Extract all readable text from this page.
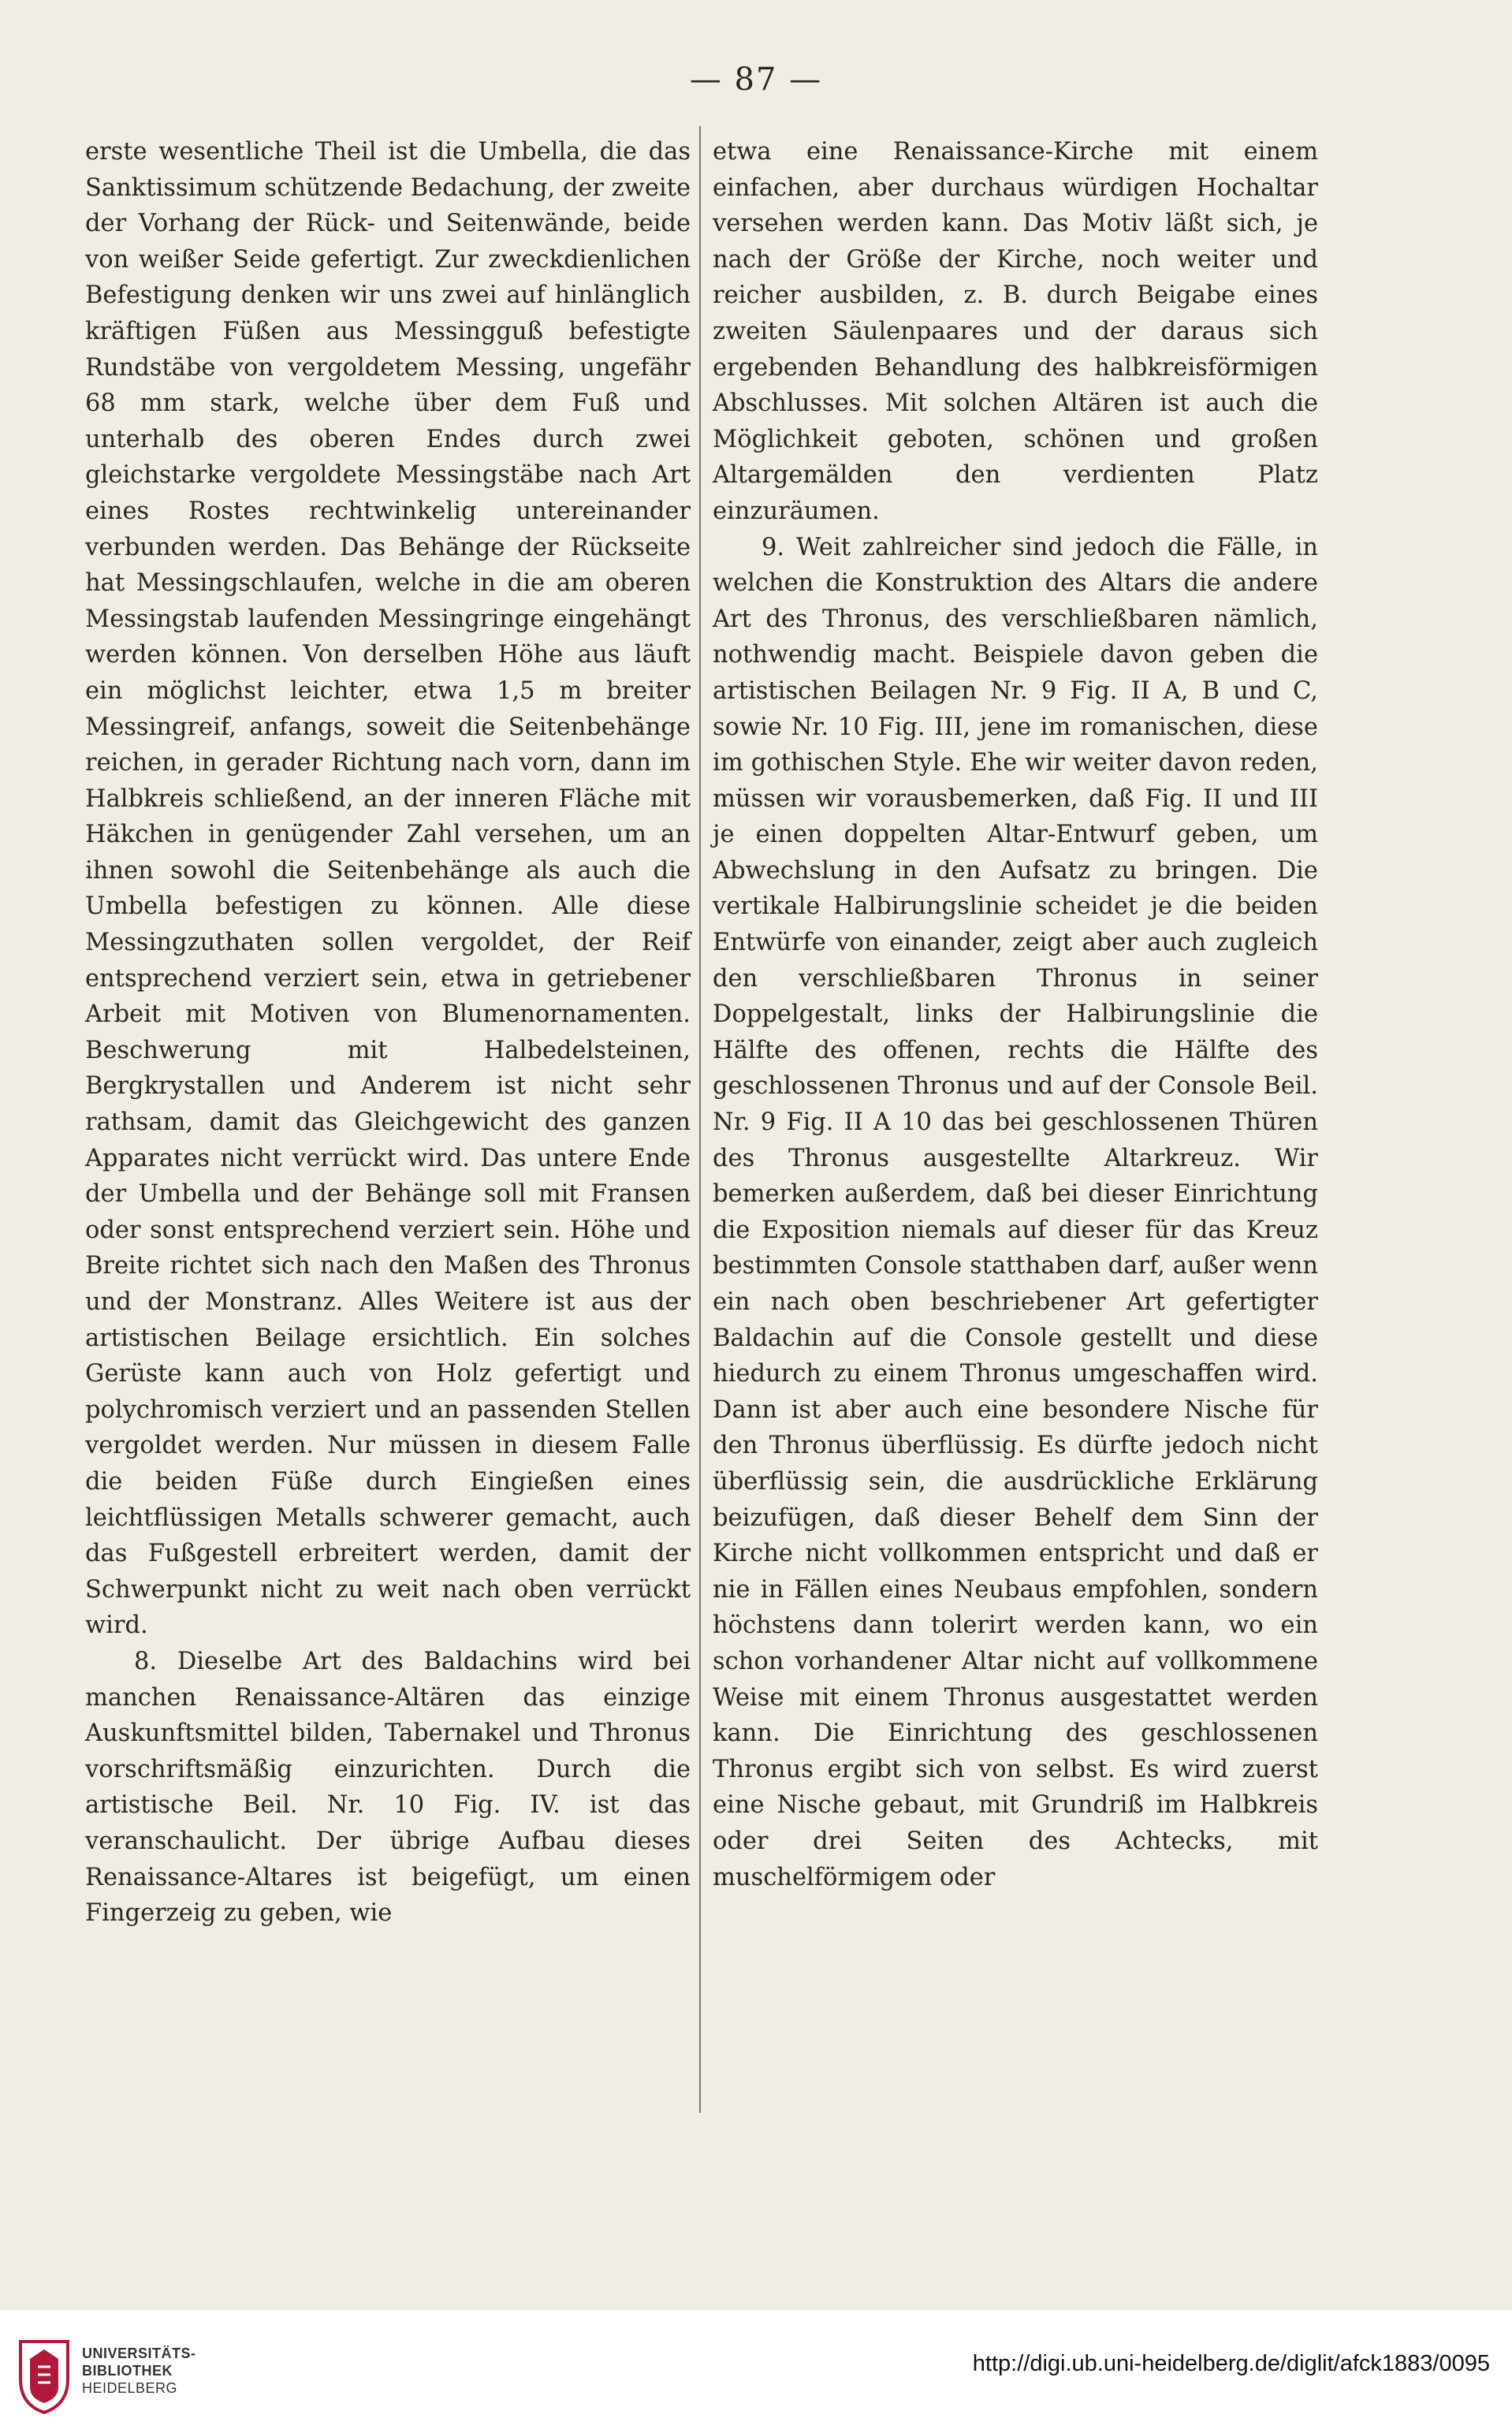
— 87 —

erste wesentliche Theil ist die Umbella, die das Sanktissimum schützende Bedachung, der zweite der Vorhang der Rück- und Seitenwände, beide von weißer Seide gefertigt. Zur zweckdienlichen Befestigung denken wir uns zwei auf hinlänglich kräftigen Füßen aus Messingguß befestigte Rundstäbe von vergoldetem Messing, ungefähr 68 mm stark, welche über dem Fuß und unterhalb des oberen Endes durch zwei gleichstarke vergoldete Messingstäbe nach Art eines Rostes rechtwinkelig untereinander verbunden werden. Das Behänge der Rückseite hat Messingschlaufen, welche in die am oberen Messingstab laufenden Messingringe eingehängt werden können. Von derselben Höhe aus läuft ein möglichst leichter, etwa 1,5 m breiter Messingreif, anfangs, soweit die Seitenbehänge reichen, in gerader Richtung nach vorn, dann im Halbkreis schließend, an der inneren Fläche mit Häkchen in genügender Zahl versehen, um an ihnen sowohl die Seitenbehänge als auch die Umbella befestigen zu können. Alle diese Messingzuthaten sollen vergoldet, der Reif entsprechend verziert sein, etwa in getriebener Arbeit mit Motiven von Blumenornamenten. Beschwerung mit Halbedelsteinen, Bergkrystallen und Anderem ist nicht sehr rathsam, damit das Gleichgewicht des ganzen Apparates nicht verrückt wird. Das untere Ende der Umbella und der Behänge soll mit Fransen oder sonst entsprechend verziert sein. Höhe und Breite richtet sich nach den Maßen des Thronus und der Monstranz. Alles Weitere ist aus der artistischen Beilage ersichtlich. Ein solches Gerüste kann auch von Holz gefertigt und polychromisch verziert und an passenden Stellen vergoldet werden. Nur müssen in diesem Falle die beiden Füße durch Eingießen eines leichtflüssigen Metalls schwerer gemacht, auch das Fußgestell erbreitert werden, damit der Schwerpunkt nicht zu weit nach oben verrückt wird.

8. Dieselbe Art des Baldachins wird bei manchen Renaissance-Altären das einzige Auskunftsmittel bilden, Tabernakel und Thronus vorschriftsmäßig einzurichten. Durch die artistische Beil. Nr. 10 Fig. IV. ist das veranschaulicht. Der übrige Aufbau dieses Renaissance-Altares ist beigefügt, um einen Fingerzeig zu geben, wie

etwa eine Renaissance-Kirche mit einem einfachen, aber durchaus würdigen Hochaltar versehen werden kann. Das Motiv läßt sich, je nach der Größe der Kirche, noch weiter und reicher ausbilden, z. B. durch Beigabe eines zweiten Säulenpaares und der daraus sich ergebenden Behandlung des halbkreisförmigen Abschlusses. Mit solchen Altären ist auch die Möglichkeit geboten, schönen und großen Altargemälden den verdienten Platz einzuräumen.

9. Weit zahlreicher sind jedoch die Fälle, in welchen die Konstruktion des Altars die andere Art des Thronus, des verschließbaren nämlich, nothwendig macht. Beispiele davon geben die artistischen Beilagen Nr. 9 Fig. II A, B und C, sowie Nr. 10 Fig. III, jene im romanischen, diese im gothischen Style. Ehe wir weiter davon reden, müssen wir vorausbemerken, daß Fig. II und III je einen doppelten Altar-Entwurf geben, um Abwechslung in den Aufsatz zu bringen. Die vertikale Halbirungslinie scheidet je die beiden Entwürfe von einander, zeigt aber auch zugleich den verschließbaren Thronus in seiner Doppelgestalt, links der Halbirungslinie die Hälfte des offenen, rechts die Hälfte des geschlossenen Thronus und auf der Console Beil. Nr. 9 Fig. II A 10 das bei geschlossenen Thüren des Thronus ausgestellte Altarkreuz. Wir bemerken außerdem, daß bei dieser Einrichtung die Exposition niemals auf dieser für das Kreuz bestimmten Console statthaben darf, außer wenn ein nach oben beschriebener Art gefertigter Baldachin auf die Console gestellt und diese hiedurch zu einem Thronus umgeschaffen wird. Dann ist aber auch eine besondere Nische für den Thronus überflüssig. Es dürfte jedoch nicht überflüssig sein, die ausdrückliche Erklärung beizufügen, daß dieser Behelf dem Sinn der Kirche nicht vollkommen entspricht und daß er nie in Fällen eines Neubaus empfohlen, sondern höchstens dann tolerirt werden kann, wo ein schon vorhandener Altar nicht auf vollkommene Weise mit einem Thronus ausgestattet werden kann. Die Einrichtung des geschlossenen Thronus ergibt sich von selbst. Es wird zuerst eine Nische gebaut, mit Grundriß im Halbkreis oder drei Seiten des Achtecks, mit muschelförmigem oder

UNIVERSITÄTS-
BIBLIOTHEK
HEIDELBERG
http://digi.ub.uni-heidelberg.de/diglit/afck1883/0095
